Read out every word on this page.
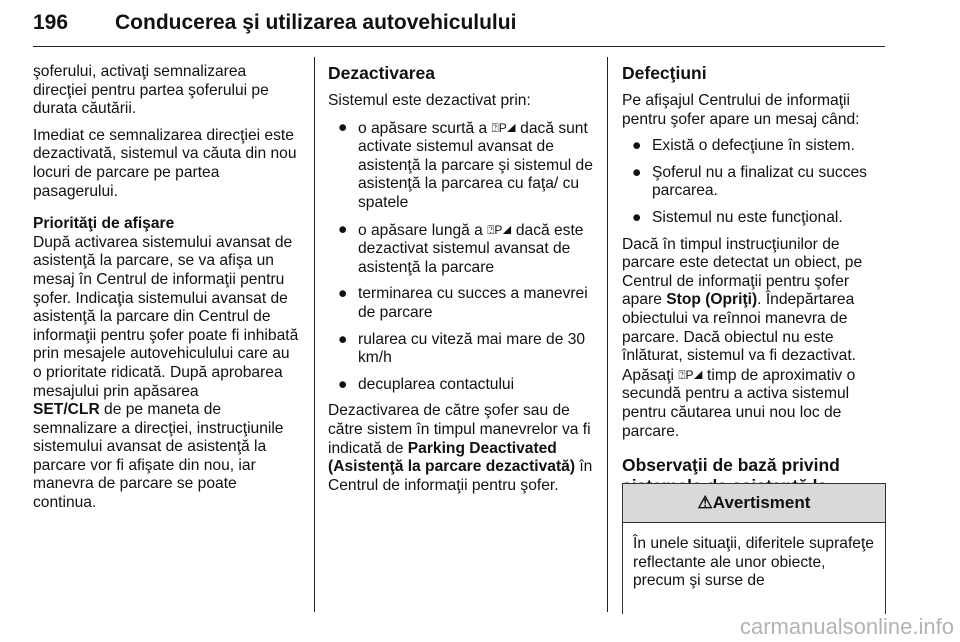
196 Conducerea şi utilizarea autovehiculului

şoferului, activaţi semnalizarea direcţiei pentru partea şoferului pe durata căutării.

Imediat ce semnalizarea direcţiei este dezactivată, sistemul va căuta din nou locuri de parcare pe partea pasagerului.

Priorităţi de afişare

După activarea sistemului avansat de asistenţă la parcare, se va afişa un mesaj în Centrul de informaţii pentru şofer. Indicaţia sistemului avansat de asistenţă la parcare din Centrul de informaţii pentru şofer poate fi inhibată prin mesajele autovehiculului care au o prioritate ridicată. După aprobarea mesajului prin apăsarea
SET/CLR de pe maneta de semnalizare a direcţiei, instrucţiunile sistemului avansat de asistenţă la parcare vor fi afişate din nou, iar manevra de parcare se poate continua.

Dezactivarea

Sistemul este dezactivat prin:

● o apăsare scurtă a ⍰P◢ dacă sunt activate sistemul avansat de asistenţă la parcare şi sistemul de asistenţă la parcarea cu faţa/ cu spatele
● o apăsare lungă a ⍰P◢ dacă este dezactivat sistemul avansat de asistenţă la parcare
● terminarea cu succes a manevrei de parcare
● rularea cu viteză mai mare de 30 km/h
● decuplarea contactului

Dezactivarea de către şofer sau de către sistem în timpul manevrelor va fi indicată de Parking Deactivated (Asistenţă la parcare dezactivată) în Centrul de informaţii pentru şofer.

Defecţiuni

Pe afişajul Centrului de informaţii pentru şofer apare un mesaj când:

● Există o defecţiune în sistem.
● Şoferul nu a finalizat cu succes parcarea.
● Sistemul nu este funcţional.

Dacă în timpul instrucţiunilor de parcare este detectat un obiect, pe Centrul de informaţii pentru şofer apare Stop (Opriţi). Îndepărtarea obiectului va reînnoi manevra de parcare. Dacă obiectul nu este înlăturat, sistemul va fi dezactivat. Apăsaţi ⍰P◢ timp de aproximativ o secundă pentru a activa sistemul pentru căutarea unui nou loc de parcare.

Observaţii de bază privind
⚠Avertisment
În unele situaţii, diferitele suprafeţe reflectante ale unor obiecte, precum şi surse de
carmanualsonline.info
